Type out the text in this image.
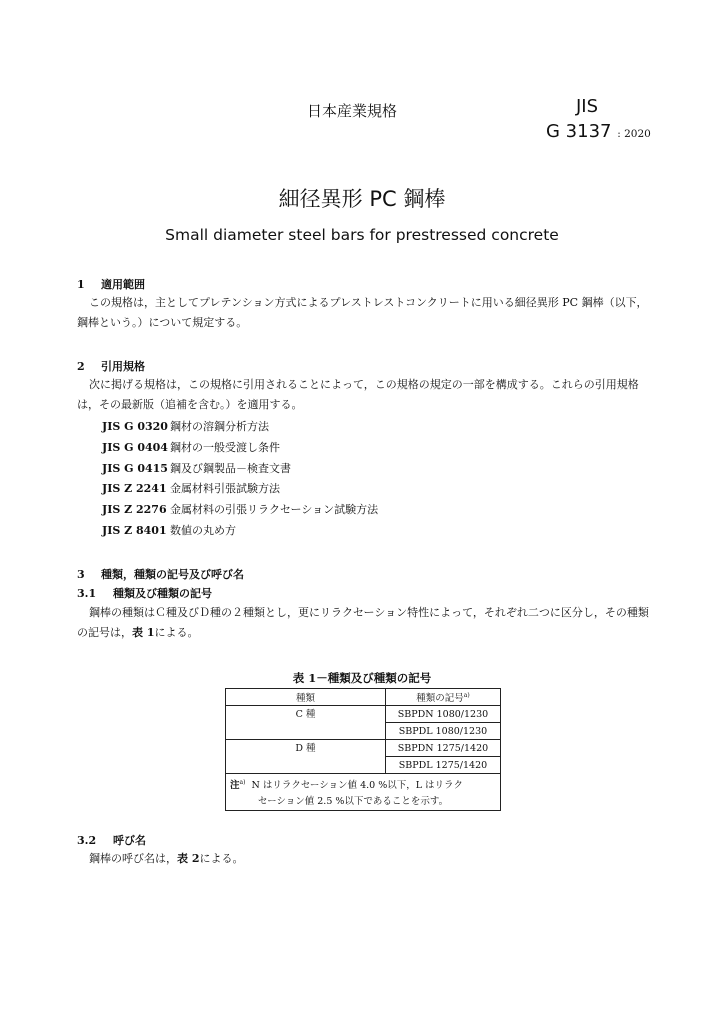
日本産業規格	JIS
G 3137 : 2020
細径異形 PC 鋼棒
Small diameter steel bars for prestressed concrete
1 適用範囲

この規格は，主としてプレテンション方式によるプレストレストコンクリートに用いる細径異形 PC 鋼棒（以下，鋼棒という。）について規定する。

2 引用規格

次に掲げる規格は，この規格に引用されることによって，この規格の規定の一部を構成する。これらの引用規格は，その最新版（追補を含む。）を適用する。

JIS G 0320 鋼材の溶鋼分析方法
JIS G 0404 鋼材の一般受渡し条件
JIS G 0415 鋼及び鋼製品－検査文書
JIS Z 2241 金属材料引張試験方法
JIS Z 2276 金属材料の引張リラクセーション試験方法
JIS Z 8401 数値の丸め方
3 種類，種類の記号及び呼び名
3.1 種類及び種類の記号

鋼棒の種類はＣ種及びＤ種の２種類とし，更にリラクセーション特性によって，それぞれ二つに区分し，その種類の記号は，表 1による。

表 1－種類及び種類の記号
種類	種類の記号$^{a)}$
C 種	SBPDN 1080/1230
	SBPDL 1080/1230
D 種	SBPDN 1275/1420
	SBPDL 1275/1420
注$^{a)}$ N はリラクセーション値 4.0 %以下，L はリラク
セーション値 2.5 %以下であることを示す。	
3.2 呼び名

鋼棒の呼び名は，表 2による。
